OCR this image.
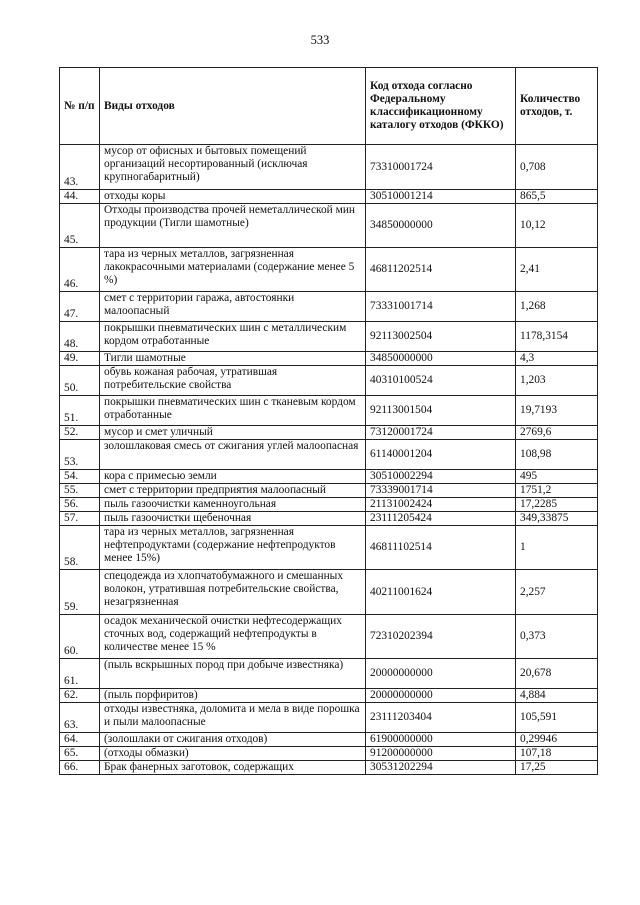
533
№ п/п	Виды отходов	Код отхода согласно Федеральному классификационному каталогу отходов (ФККО)	Количество отходов, т.
43.	мусор от офисных и бытовых помещений организаций несортированный (исключая крупногабаритный)	73310001724	0,708
44.	отходы коры	30510001214	865,5
45.	Отходы производства прочей неметаллической мин продукции (Тигли шамотные)	34850000000	10,12
46.	тара из черных металлов, загрязненная лакокрасочными материалами (содержание менее 5 %)	46811202514	2,41
47.	смет с территории гаража, автостоянки малоопасный	73331001714	1,268
48.	покрышки пневматических шин с металлическим кордом отработанные	92113002504	1178,3154
49.	Тигли шамотные	34850000000	4,3
50.	обувь кожаная рабочая, утратившая потребительские свойства	40310100524	1,203
51.	покрышки пневматических шин с тканевым кордом отработанные	92113001504	19,7193
52.	мусор и смет уличный	73120001724	2769,6
53.	золошлаковая смесь от сжигания углей малоопасная	61140001204	108,98
54.	кора с примесью земли	30510002294	495
55.	смет с территории предприятия малоопасный	73339001714	1751,2
56.	пыль газоочистки каменноугольная	21131002424	17,2285
57.	пыль газоочистки щебеночная	23111205424	349,33875
58.	тара из черных металлов, загрязненная нефтепродуктами (содержание нефтепродуктов менее 15%)	46811102514	1
59.	спецодежда из хлопчатобумажного и смешанных волокон, утратившая потребительские свойства, незагрязненная	40211001624	2,257
60.	осадок механической очистки нефтесодержащих сточных вод, содержащий нефтепродукты в количестве менее 15 %	72310202394	0,373
61.	(пыль вскрышных пород при добыче известняка)	20000000000	20,678
62.	(пыль порфиритов)	20000000000	4,884
63.	отходы известняка, доломита и мела в виде порошка и пыли малоопасные	23111203404	105,591
64.	(золошлаки от сжигания отходов)	61900000000	0,29946
65.	(отходы обмазки)	91200000000	107,18
66.	Брак фанерных заготовок, содержащих	30531202294	17,25
